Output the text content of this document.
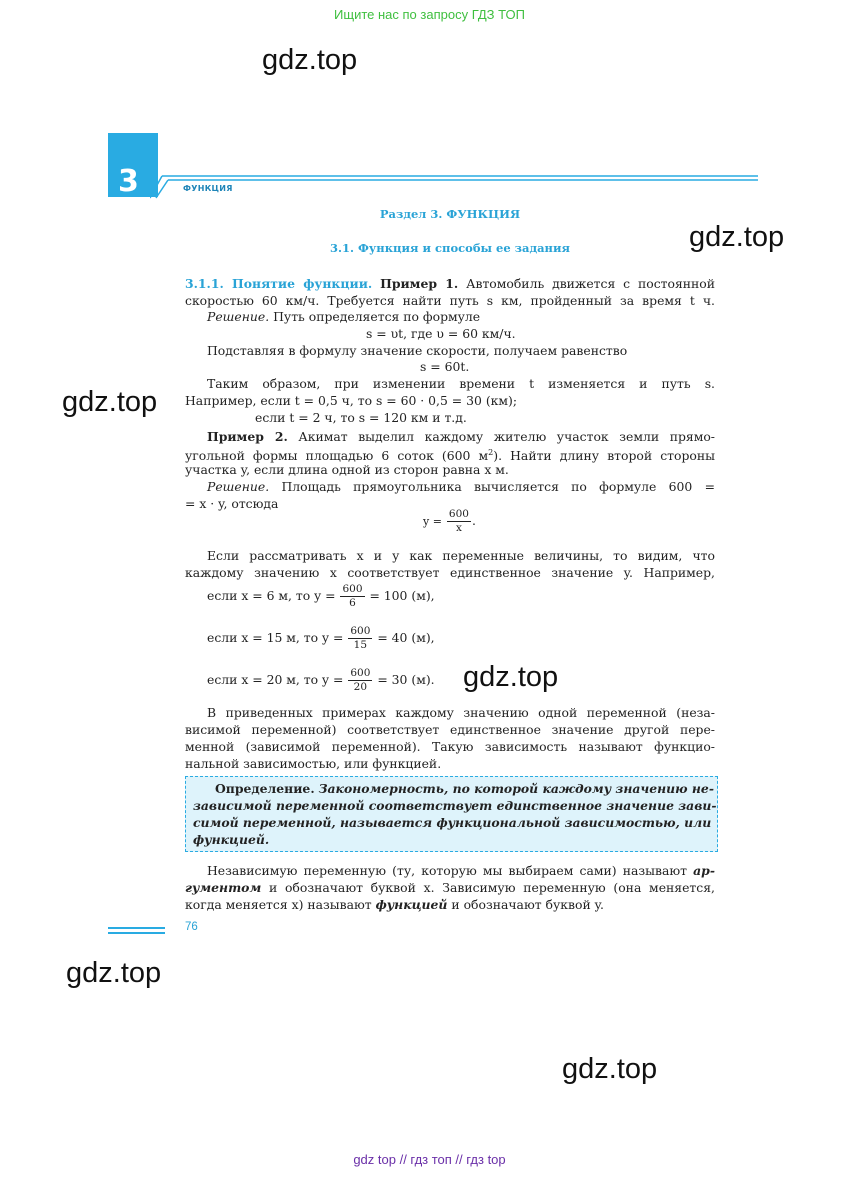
Ищите нас по запросу ГДЗ ТОП
gdz.top
gdz.top
gdz.top
gdz.top
gdz.top
gdz.top
3	ФУНКЦИЯ
Раздел 3. ФУНКЦИЯ
3.1. Функция и способы ее задания
3.1.1. Понятие функции. Пример 1. Автомобиль движется с постоянной
скоростью 60 км/ч. Требуется найти путь s км, пройденный за время t ч.
Решение. Путь определяется по формуле
s = υt, где υ = 60 км/ч.
Подставляя в формулу значение скорости, получаем равенство
s = 60t.
Таким образом, при изменении времени t изменяется и путь s.
Например, если t = 0,5 ч, то s = 60 · 0,5 = 30 (км);
если t = 2 ч, то s = 120 км и т.д.
Пример 2. Акимат выделил каждому жителю участок земли прямо-
угольной формы площадью 6 соток (600 $м^2$). Найти длину второй стороны
участка y, если длина одной из сторон равна x м.
Решение. Площадь прямоугольника вычисляется по формуле 600 =
= x · y, отсюда
$y = \frac{600}{x}$ .
Если рассматривать x и y как переменные величины, то видим, что
каждому значению x соответствует единственное значение y. Например,
если x = 6 м, то $y = \frac{600}{6} = 100$ (м),
если x = 15 м, то $y = \frac{600}{15} = 40$ (м),
если x = 20 м, то $y = \frac{600}{20} = 30$ (м).
В приведенных примерах каждому значению одной переменной (неза-
висимой переменной) соответствует единственное значение другой пере-
менной (зависимой переменной). Такую зависимость называют функцио-
нальной зависимостью, или функцией.
Определение. Закономерность, по которой каждому значению не-
зависимой переменной соответствует единственное значение зави-
симой переменной, называется функциональной зависимостью, или
функцией.
Независимую переменную (ту, которую мы выбираем сами) называют ар-
гументом и обозначают буквой x. Зависимую переменную (она меняется,
когда меняется x) называют функцией и обозначают буквой y.
76
gdz top // гдз топ // гдз top
